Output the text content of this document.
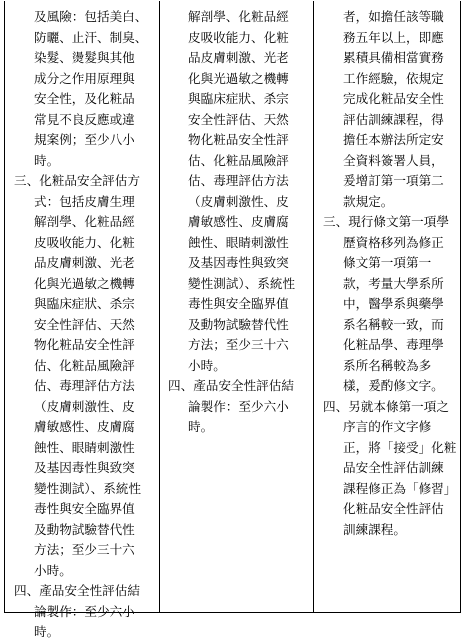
及風險：包括美白、
防曬、止汗、制臭、
染髮、燙髮與其他
成分之作用原理與
安全性，及化粧品
常見不良反應或違
規案例；至少八小
時。
三、化粧品安全評估方
式：包括皮膚生理
解剖學、化粧品經
皮吸收能力、化粧
品皮膚刺激、光老
化與光過敏之機轉
與臨床症狀、杀宗
安全性評估、天然
物化粧品安全性評
估、化粧品風險評
估、毒理評估方法
（皮膚刺激性、皮
膚敏感性、皮膚腐
蝕性、眼睛刺激性
及基因毒性與致突
變性測試）、系統性
毒性與安全臨界值
及動物試驗替代性
方法；至少三十六
小時。
四、產品安全性評估結
論製作：至少六小
時。
解剖學、化粧品經
皮吸收能力、化粧
品皮膚刺激、光老
化與光過敏之機轉
與臨床症狀、杀宗
安全性評估、天然
物化粧品安全性評
估、化粧品風險評
估、毒理評估方法
（皮膚刺激性、皮
膚敏感性、皮膚腐
蝕性、眼睛刺激性
及基因毒性與致突
變性測試）、系統性
毒性與安全臨界值
及動物試驗替代性
方法；至少三十六
小時。
四、產品安全性評估結
論製作：至少六小
時。
者，如擔任該等職
務五年以上，即應
累積具備相當實務
工作經驗，依規定
完成化粧品安全性
評估訓練課程，得
擔任本辦法所定安
全資料簽署人員，
爰增訂第一項第二
款規定。
三、現行條文第一項學
歷資格移列為修正
條文第一項第一
款，考量大學系所
中，醫學系與藥學
系名稱較一致，而
化粧品學、毒理學
系所名稱較為多
樣，爰酌修文字。
四、另就本條第一項之
序言的作文字修
正，將「接受」化粧
品安全性評估訓練
課程修正為「修習」
化粧品安全性評估
訓練課程。
